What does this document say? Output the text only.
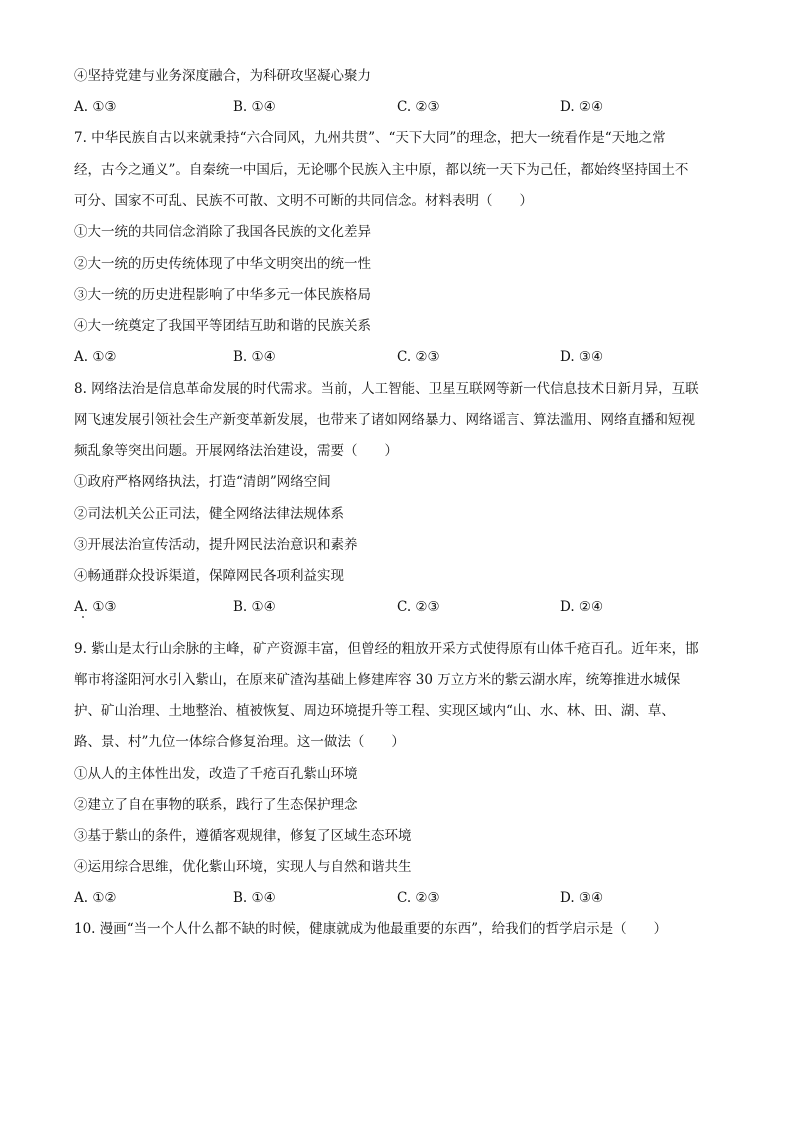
④坚持党建与业务深度融合，为科研攻坚凝心聚力
A. ①③	B. ①④	C. ②③	D. ②④
7. 中华民族自古以来就秉持“六合同风，九州共贯”、“天下大同”的理念，把大一统看作是“天地之常
经，古今之通义”。自秦统一中国后，无论哪个民族入主中原，都以统一天下为己任，都始终坚持国土不
可分、国家不可乱、民族不可散、文明不可断的共同信念。材料表明（　　）
①大一统的共同信念消除了我国各民族的文化差异
②大一统的历史传统体现了中华文明突出的统一性
③大一统的历史进程影响了中华多元一体民族格局
④大一统奠定了我国平等团结互助和谐的民族关系
A. ①②	B. ①④	C. ②③	D. ③④
8. 网络法治是信息革命发展的时代需求。当前，人工智能、卫星互联网等新一代信息技术日新月异，互联
网飞速发展引领社会生产新变革新发展，也带来了诸如网络暴力、网络谣言、算法滥用、网络直播和短视
频乱象等突出问题。开展网络法治建设，需要（　　）
①政府严格网络执法，打造“清朗”网络空间
②司法机关公正司法，健全网络法律法规体系
③开展法治宣传活动，提升网民法治意识和素养
④畅通群众投诉渠道，保障网民各项利益实现
A. ①③	B. ①④	C. ②③	D. ②④
9. 紫山是太行山余脉的主峰，矿产资源丰富，但曾经的粗放开采方式使得原有山体千疮百孔。近年来，邯
郸市将滏阳河水引入紫山，在原来矿渣沟基础上修建库容 30 万立方米的紫云湖水库，统筹推进水城保
护、矿山治理、土地整治、植被恢复、周边环境提升等工程、实现区域内“山、水、林、田、湖、草、
路、景、村”九位一体综合修复治理。这一做法（　　）
①从人的主体性出发，改造了千疮百孔紫山环境
②建立了自在事物的联系，践行了生态保护理念
③基于紫山的条件，遵循客观规律，修复了区域生态环境
④运用综合思维，优化紫山环境，实现人与自然和谐共生
A. ①②	B. ①④	C. ②③	D. ③④
10. 漫画“当一个人什么都不缺的时候，健康就成为他最重要的东西”，给我们的哲学启示是（　　）
